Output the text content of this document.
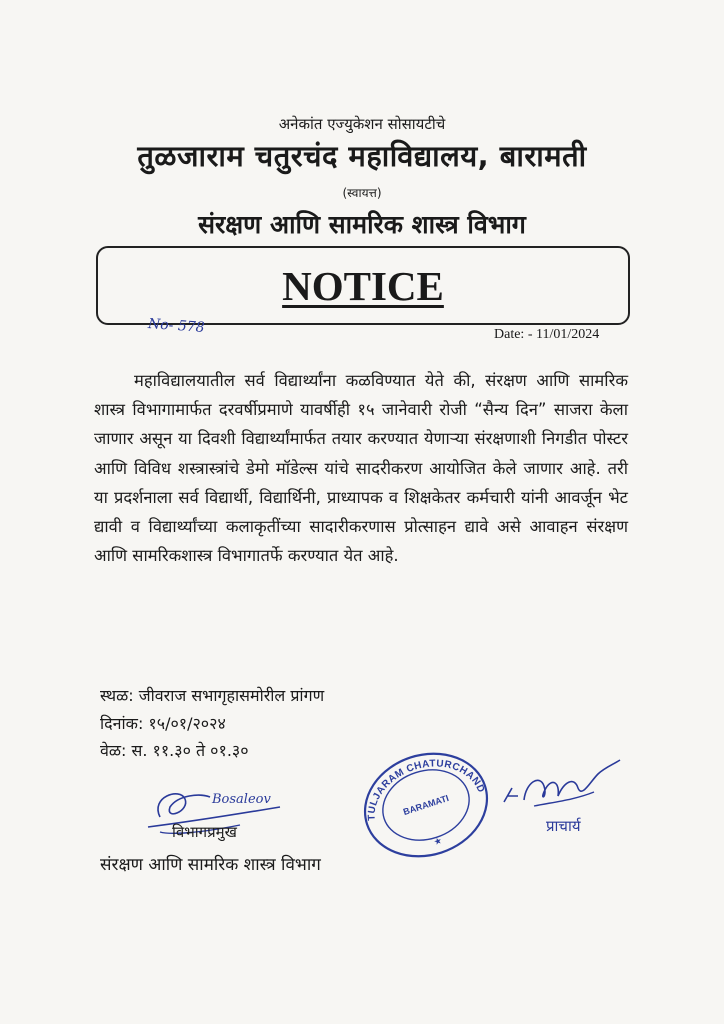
अनेकांत एज्युकेशन सोसायटीचे
तुळजाराम चतुरचंद महाविद्यालय, बारामती
(स्वायत्त)
संरक्षण आणि सामरिक शास्त्र विभाग
NOTICE
No- 578	Date: - 11/01/2024
महाविद्यालयातील सर्व विद्यार्थ्यांना कळविण्यात येते की, संरक्षण आणि सामरिक शास्त्र विभागामार्फत दरवर्षीप्रमाणे यावर्षीही १५ जानेवारी रोजी “सैन्य दिन” साजरा केला जाणार असून या दिवशी विद्यार्थ्यांमार्फत तयार करण्यात येणाऱ्या संरक्षणाशी निगडीत पोस्टर आणि विविध शस्त्रास्त्रांचे डेमो मॉडेल्स यांचे सादरीकरण आयोजित केले जाणार आहे. तरी या प्रदर्शनाला सर्व विद्यार्थी, विद्यार्थिनी, प्राध्यापक व शिक्षकेतर कर्मचारी यांनी आवर्जून भेट द्यावी व विद्यार्थ्यांच्या कलाकृतींच्या सादारीकरणास प्रोत्साहन द्यावे असे आवाहन संरक्षण आणि सामरिकशास्त्र विभागातर्फे करण्यात येत आहे.
स्थळ: जीवराज सभागृहासमोरील प्रांगण
दिनांक: १५/०१/२०२४
वेळ: स. ११.३० ते ०१.३०
Bosaleov
विभागप्रमुख
संरक्षण आणि सामरिक शास्त्र विभाग
TULJARAM CHATURCHAND
BARAMATI
★
प्राचार्य
